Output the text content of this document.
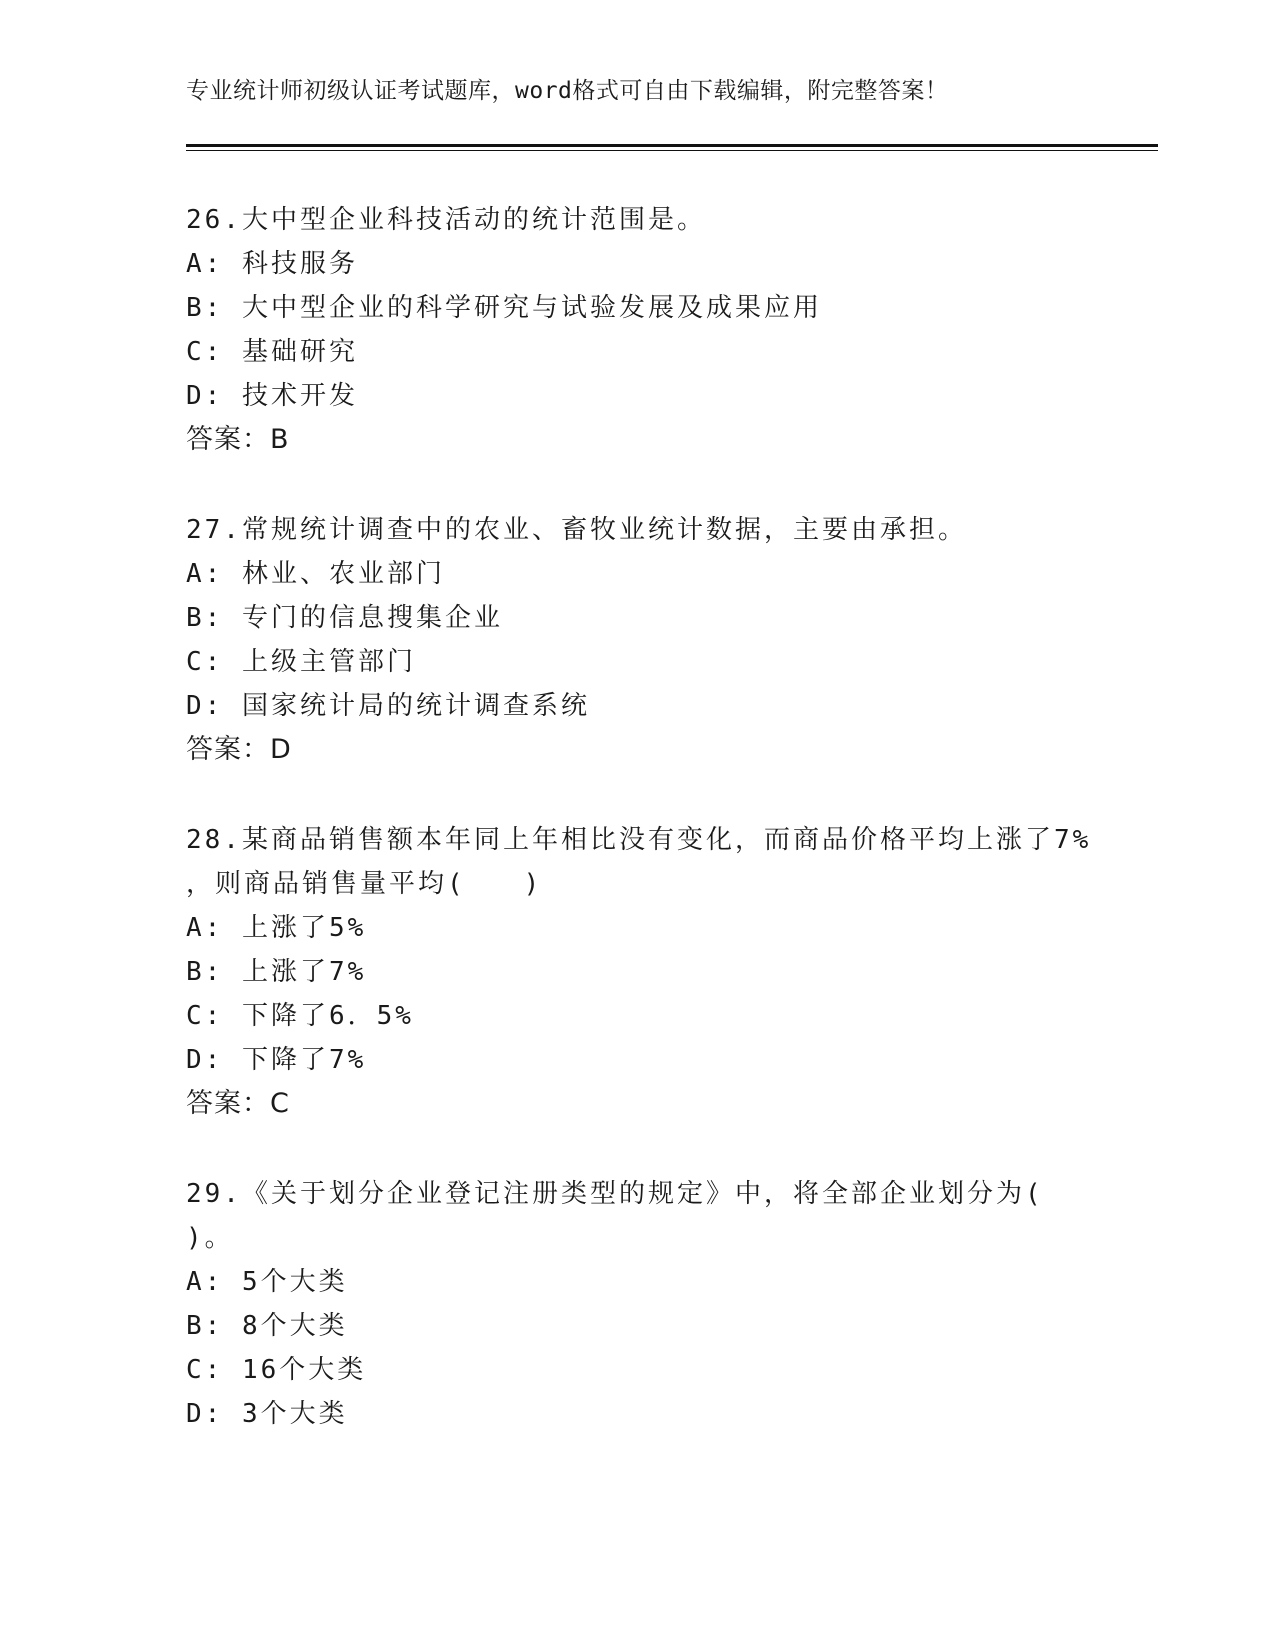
专业统计师初级认证考试题库，word格式可自由下载编辑，附完整答案！
26.大中型企业科技活动的统计范围是。
A: 科技服务
B: 大中型企业的科学研究与试验发展及成果应用
C: 基础研究
D: 技术开发
答案：B
27.常规统计调查中的农业、畜牧业统计数据，主要由承担。
A: 林业、农业部门
B: 专门的信息搜集企业
C: 上级主管部门
D: 国家统计局的统计调查系统
答案：D
28.某商品销售额本年同上年相比没有变化，而商品价格平均上涨了7%
，则商品销售量平均(　　)
A: 上涨了5%
B: 上涨了7%
C: 下降了6．5%
D: 下降了7%
答案：C
29.《关于划分企业登记注册类型的规定》中，将全部企业划分为(
)。
A: 5个大类
B: 8个大类
C: 16个大类
D: 3个大类
